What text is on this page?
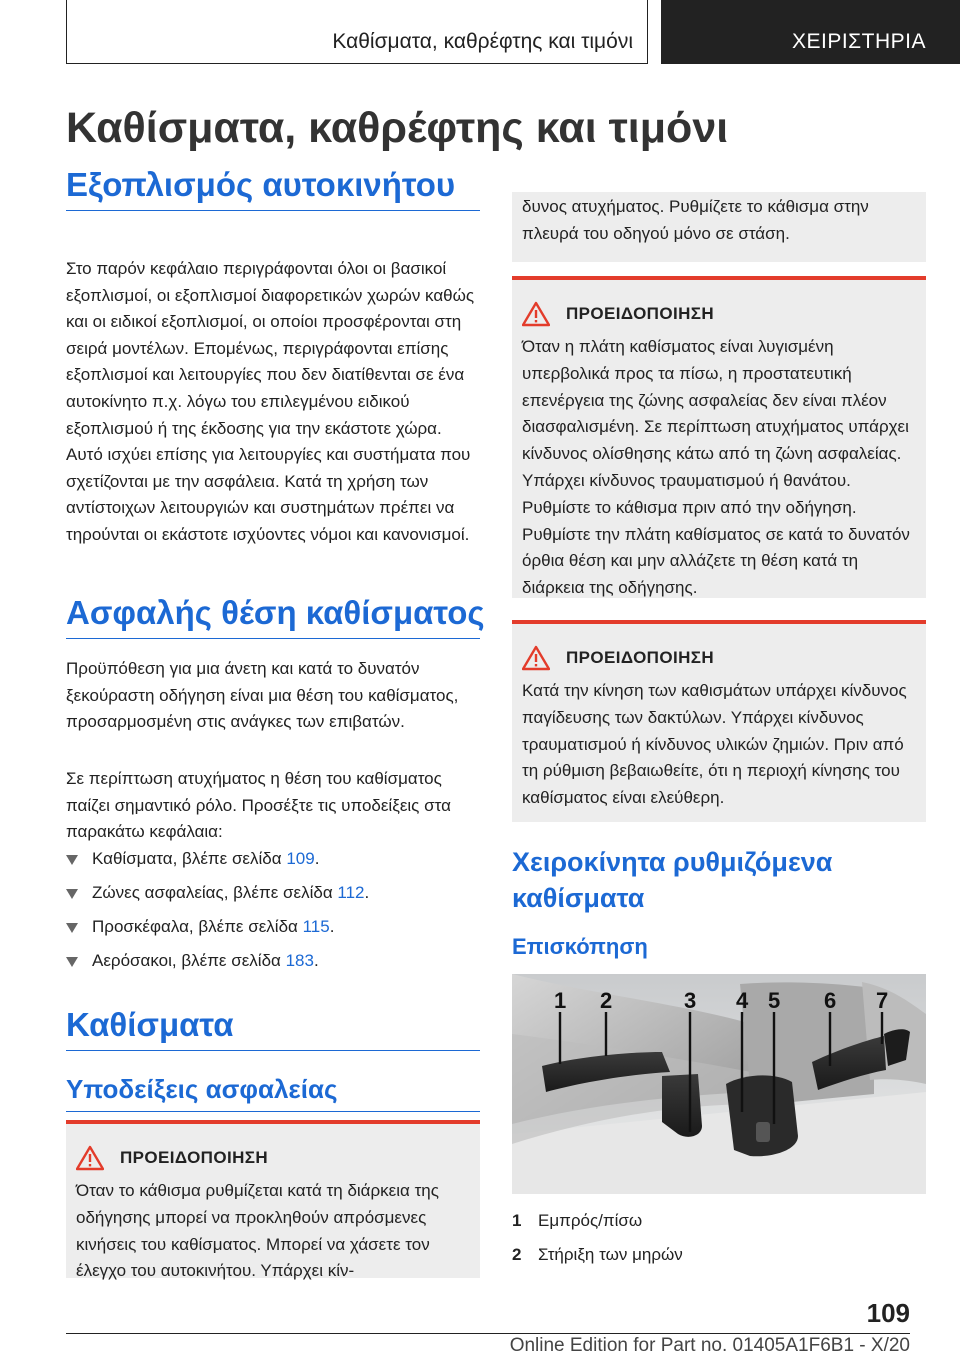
Καθίσματα, καθρέφτης και τιμόνι	ΧΕΙΡΙΣΤΗΡΙΑ
Καθίσματα, καθρέφτης και τιμόνι
Εξοπλισμός αυτοκινήτου

Στο παρόν κεφάλαιο περιγράφονται όλοι οι βασικοί εξοπλισμοί, οι εξοπλισμοί διαφορετικών χωρών καθώς και οι ειδικοί εξοπλισμοί, οι οποίοι προσφέρονται στη σειρά μοντέλων. Επομένως, περιγράφονται επίσης εξοπλισμοί και λειτουργίες που δεν διατίθενται σε ένα αυτοκίνητο π.χ. λόγω του επιλεγμένου ειδικού εξοπλισμού ή της έκδοσης για την εκάστοτε χώρα. Αυτό ισχύει επίσης για λειτουργίες και συστήματα που σχετίζονται με την ασφάλεια. Κατά τη χρήση των αντίστοιχων λειτουργιών και συστημάτων πρέπει να τηρούνται οι εκάστοτε ισχύοντες νόμοι και κανονισμοί.

Ασφαλής θέση καθίσματος

Προϋπόθεση για μια άνετη και κατά το δυνατόν ξεκούραστη οδήγηση είναι μια θέση του καθίσματος, προσαρμοσμένη στις ανάγκες των επιβατών.

Σε περίπτωση ατυχήματος η θέση του καθίσματος παίζει σημαντικό ρόλο. Προσέξτε τις υποδείξεις στα παρακάτω κεφάλαια:

Καθίσματα, βλέπε σελίδα 109.
Ζώνες ασφαλείας, βλέπε σελίδα 112.
Προσκέφαλα, βλέπε σελίδα 115.
Αερόσακοι, βλέπε σελίδα 183.
Καθίσματα
Υποδείξεις ασφαλείας
ΠΡΟΕΙΔΟΠΟΙΗΣΗ

Όταν το κάθισμα ρυθμίζεται κατά τη διάρκεια της οδήγησης μπορεί να προκληθούν απρόσμενες κινήσεις του καθίσματος. Μπορεί να χάσετε τον έλεγχο του αυτοκινήτου. Υπάρχει κίν-

δυνος ατυχήματος. Ρυθμίζετε το κάθισμα στην πλευρά του οδηγού μόνο σε στάση.

ΠΡΟΕΙΔΟΠΟΙΗΣΗ

Όταν η πλάτη καθίσματος είναι λυγισμένη υπερβολικά προς τα πίσω, η προστατευτική επενέργεια της ζώνης ασφαλείας δεν είναι πλέον διασφαλισμένη. Σε περίπτωση ατυχήματος υπάρχει κίνδυνος ολίσθησης κάτω από τη ζώνη ασφαλείας. Υπάρχει κίνδυνος τραυματισμού ή θανάτου. Ρυθμίστε το κάθισμα πριν από την οδήγηση. Ρυθμίστε την πλάτη καθίσματος σε κατά το δυνατόν όρθια θέση και μην αλλάζετε τη θέση κατά τη διάρκεια της οδήγησης.

ΠΡΟΕΙΔΟΠΟΙΗΣΗ

Κατά την κίνηση των καθισμάτων υπάρχει κίνδυνος παγίδευσης των δακτύλων. Υπάρχει κίνδυνος τραυματισμού ή κίνδυνος υλικών ζημιών. Πριν από τη ρύθμιση βεβαιωθείτε, ότι η περιοχή κίνησης του καθίσματος είναι ελεύθερη.

Χειροκίνητα ρυθμιζόμενα καθίσματα
Επισκόπηση
1 2	3 4 5 6 7
1 Εμπρός/πίσω
2 Στήριξη των μηρών

109

Online Edition for Part no. 01405A1F6B1 - X/20
